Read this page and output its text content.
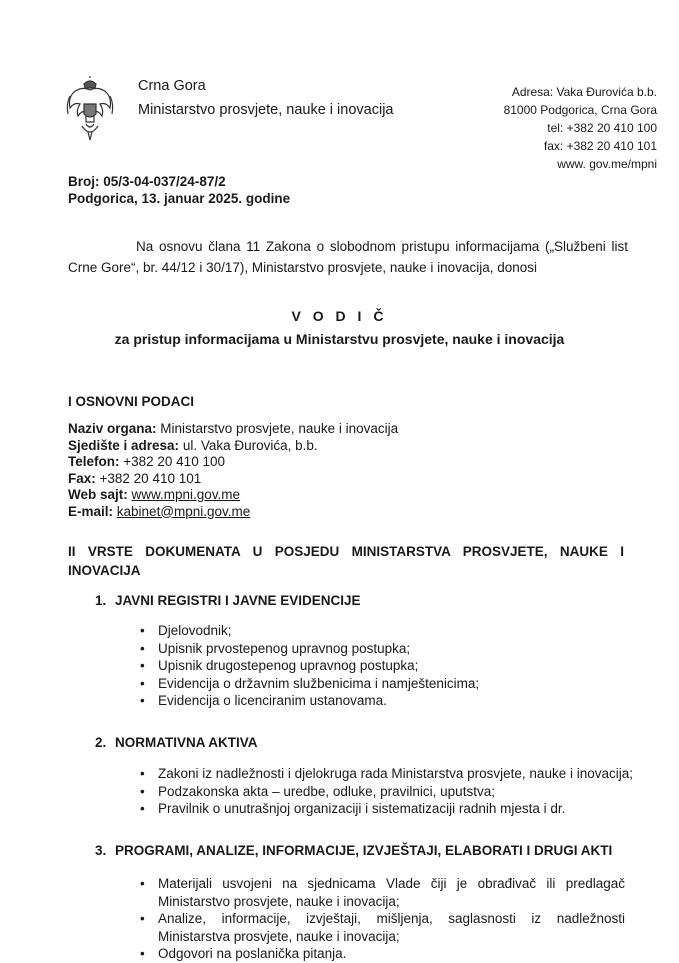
Crna Gora
Ministarstvo prosvjete, nauke i inovacija
Adresa: Vaka Đurovića b.b.
81000 Podgorica, Crna Gora
tel: +382 20 410 100
fax: +382 20 410 101
www. gov.me/mpni
Broj: 05/3-04-037/24-87/2
Podgorica, 13. januar 2025. godine
Na osnovu člana 11 Zakona o slobodnom pristupu informacijama („Službeni list Crne Gore“, br. 44/12 i 30/17), Ministarstvo prosvjete, nauke i inovacija, donosi
V O D I Č
za pristup informacijama u Ministarstvu prosvjete, nauke i inovacija
I OSNOVNI PODACI
Naziv organa: Ministarstvo prosvjete, nauke i inovacija
Sjedište i adresa: ul. Vaka Đurovića, b.b.
Telefon: +382 20 410 100
Fax: +382 20 410 101
Web sajt: www.mpni.gov.me
E-mail: kabinet@mpni.gov.me
II VRSTE DOKUMENATA U POSJEDU MINISTARSTVA PROSVJETE, NAUKE I
INOVACIJA
1. JAVNI REGISTRI I JAVNE EVIDENCIJE
• Djelovodnik;
• Upisnik prvostepenog upravnog postupka;
• Upisnik drugostepenog upravnog postupka;
• Evidencija o državnim službenicima i namještenicima;
• Evidencija o licenciranim ustanovama.
2. NORMATIVNA AKTIVA
• Zakoni iz nadležnosti i djelokruga rada Ministarstva prosvjete, nauke i inovacija;
• Podzakonska akta – uredbe, odluke, pravilnici, uputstva;
• Pravilnik o unutrašnjoj organizaciji i sistematizaciji radnih mjesta i dr.
3. PROGRAMI, ANALIZE, INFORMACIJE, IZVJEŠTAJI, ELABORATI I DRUGI AKTI
• Materijali usvojeni na sjednicama Vlade čiji je obrađivač ili predlagač Ministarstvo prosvjete, nauke i inovacija;
• Analize, informacije, izvještaji, mišljenja, saglasnosti iz nadležnosti Ministarstva prosvjete, nauke i inovacija;
• Odgovori na poslanička pitanja.
